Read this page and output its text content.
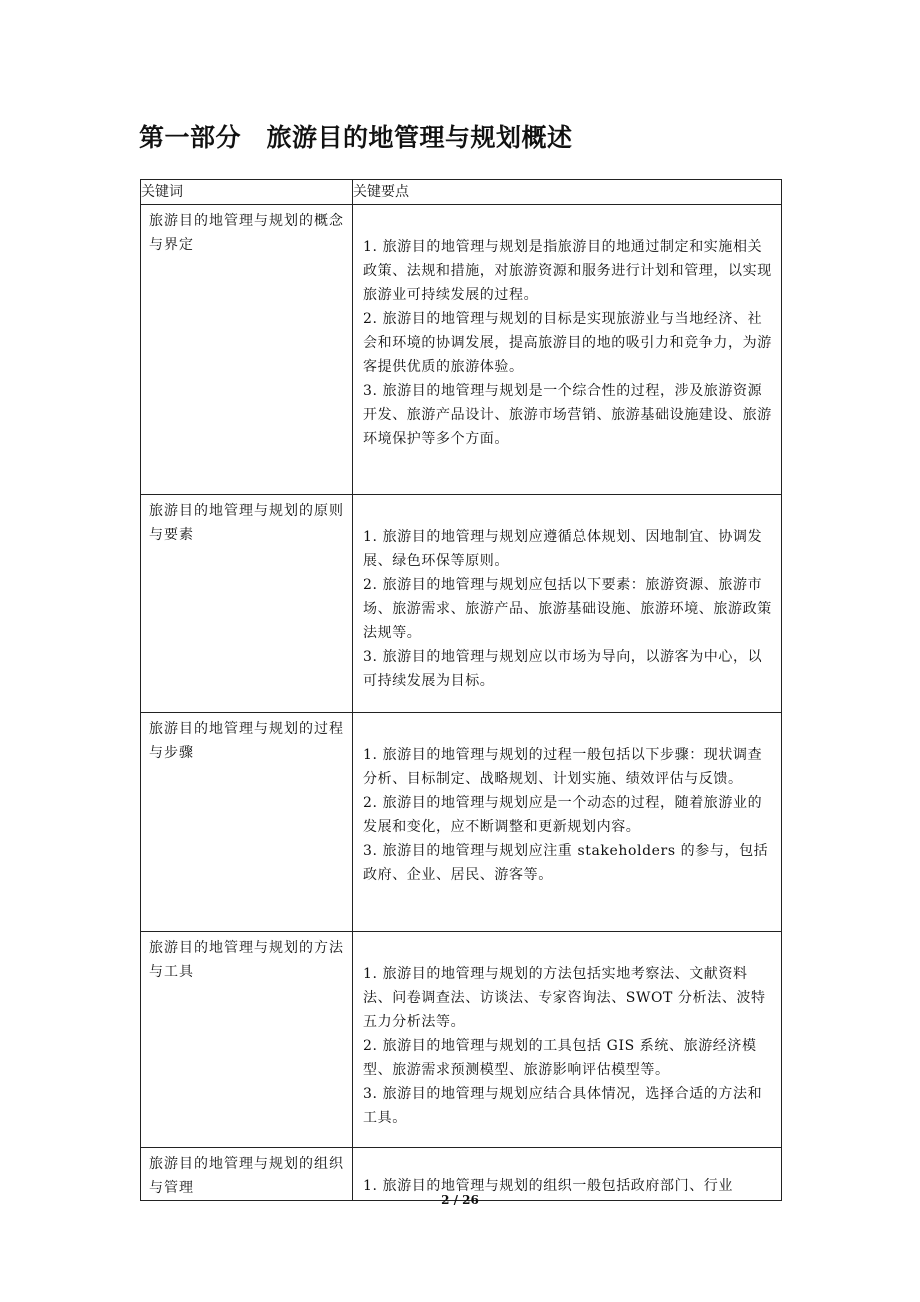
第一部分　旅游目的地管理与规划概述
关键词	关键要点
旅游目的地管理与规划的概念与界定	1. 旅游目的地管理与规划是指旅游目的地通过制定和实施相关政策、法规和措施，对旅游资源和服务进行计划和管理，以实现旅游业可持续发展的过程。

2. 旅游目的地管理与规划的目标是实现旅游业与当地经济、社会和环境的协调发展，提高旅游目的地的吸引力和竞争力，为游客提供优质的旅游体验。

3. 旅游目的地管理与规划是一个综合性的过程，涉及旅游资源开发、旅游产品设计、旅游市场营销、旅游基础设施建设、旅游环境保护等多个方面。

旅游目的地管理与规划的原则与要素	1. 旅游目的地管理与规划应遵循总体规划、因地制宜、协调发展、绿色环保等原则。

2. 旅游目的地管理与规划应包括以下要素：旅游资源、旅游市场、旅游需求、旅游产品、旅游基础设施、旅游环境、旅游政策法规等。

3. 旅游目的地管理与规划应以市场为导向，以游客为中心，以可持续发展为目标。

旅游目的地管理与规划的过程与步骤	1. 旅游目的地管理与规划的过程一般包括以下步骤：现状调查分析、目标制定、战略规划、计划实施、绩效评估与反馈。

2. 旅游目的地管理与规划应是一个动态的过程，随着旅游业的发展和变化，应不断调整和更新规划内容。

3. 旅游目的地管理与规划应注重 stakeholders 的参与，包括政府、企业、居民、游客等。

旅游目的地管理与规划的方法与工具	1. 旅游目的地管理与规划的方法包括实地考察法、文献资料法、问卷调查法、访谈法、专家咨询法、SWOT 分析法、波特五力分析法等。

2. 旅游目的地管理与规划的工具包括 GIS 系统、旅游经济模型、旅游需求预测模型、旅游影响评估模型等。

3. 旅游目的地管理与规划应结合具体情况，选择合适的方法和工具。

旅游目的地管理与规划的组织与管理	1. 旅游目的地管理与规划的组织一般包括政府部门、行业

2 / 26
